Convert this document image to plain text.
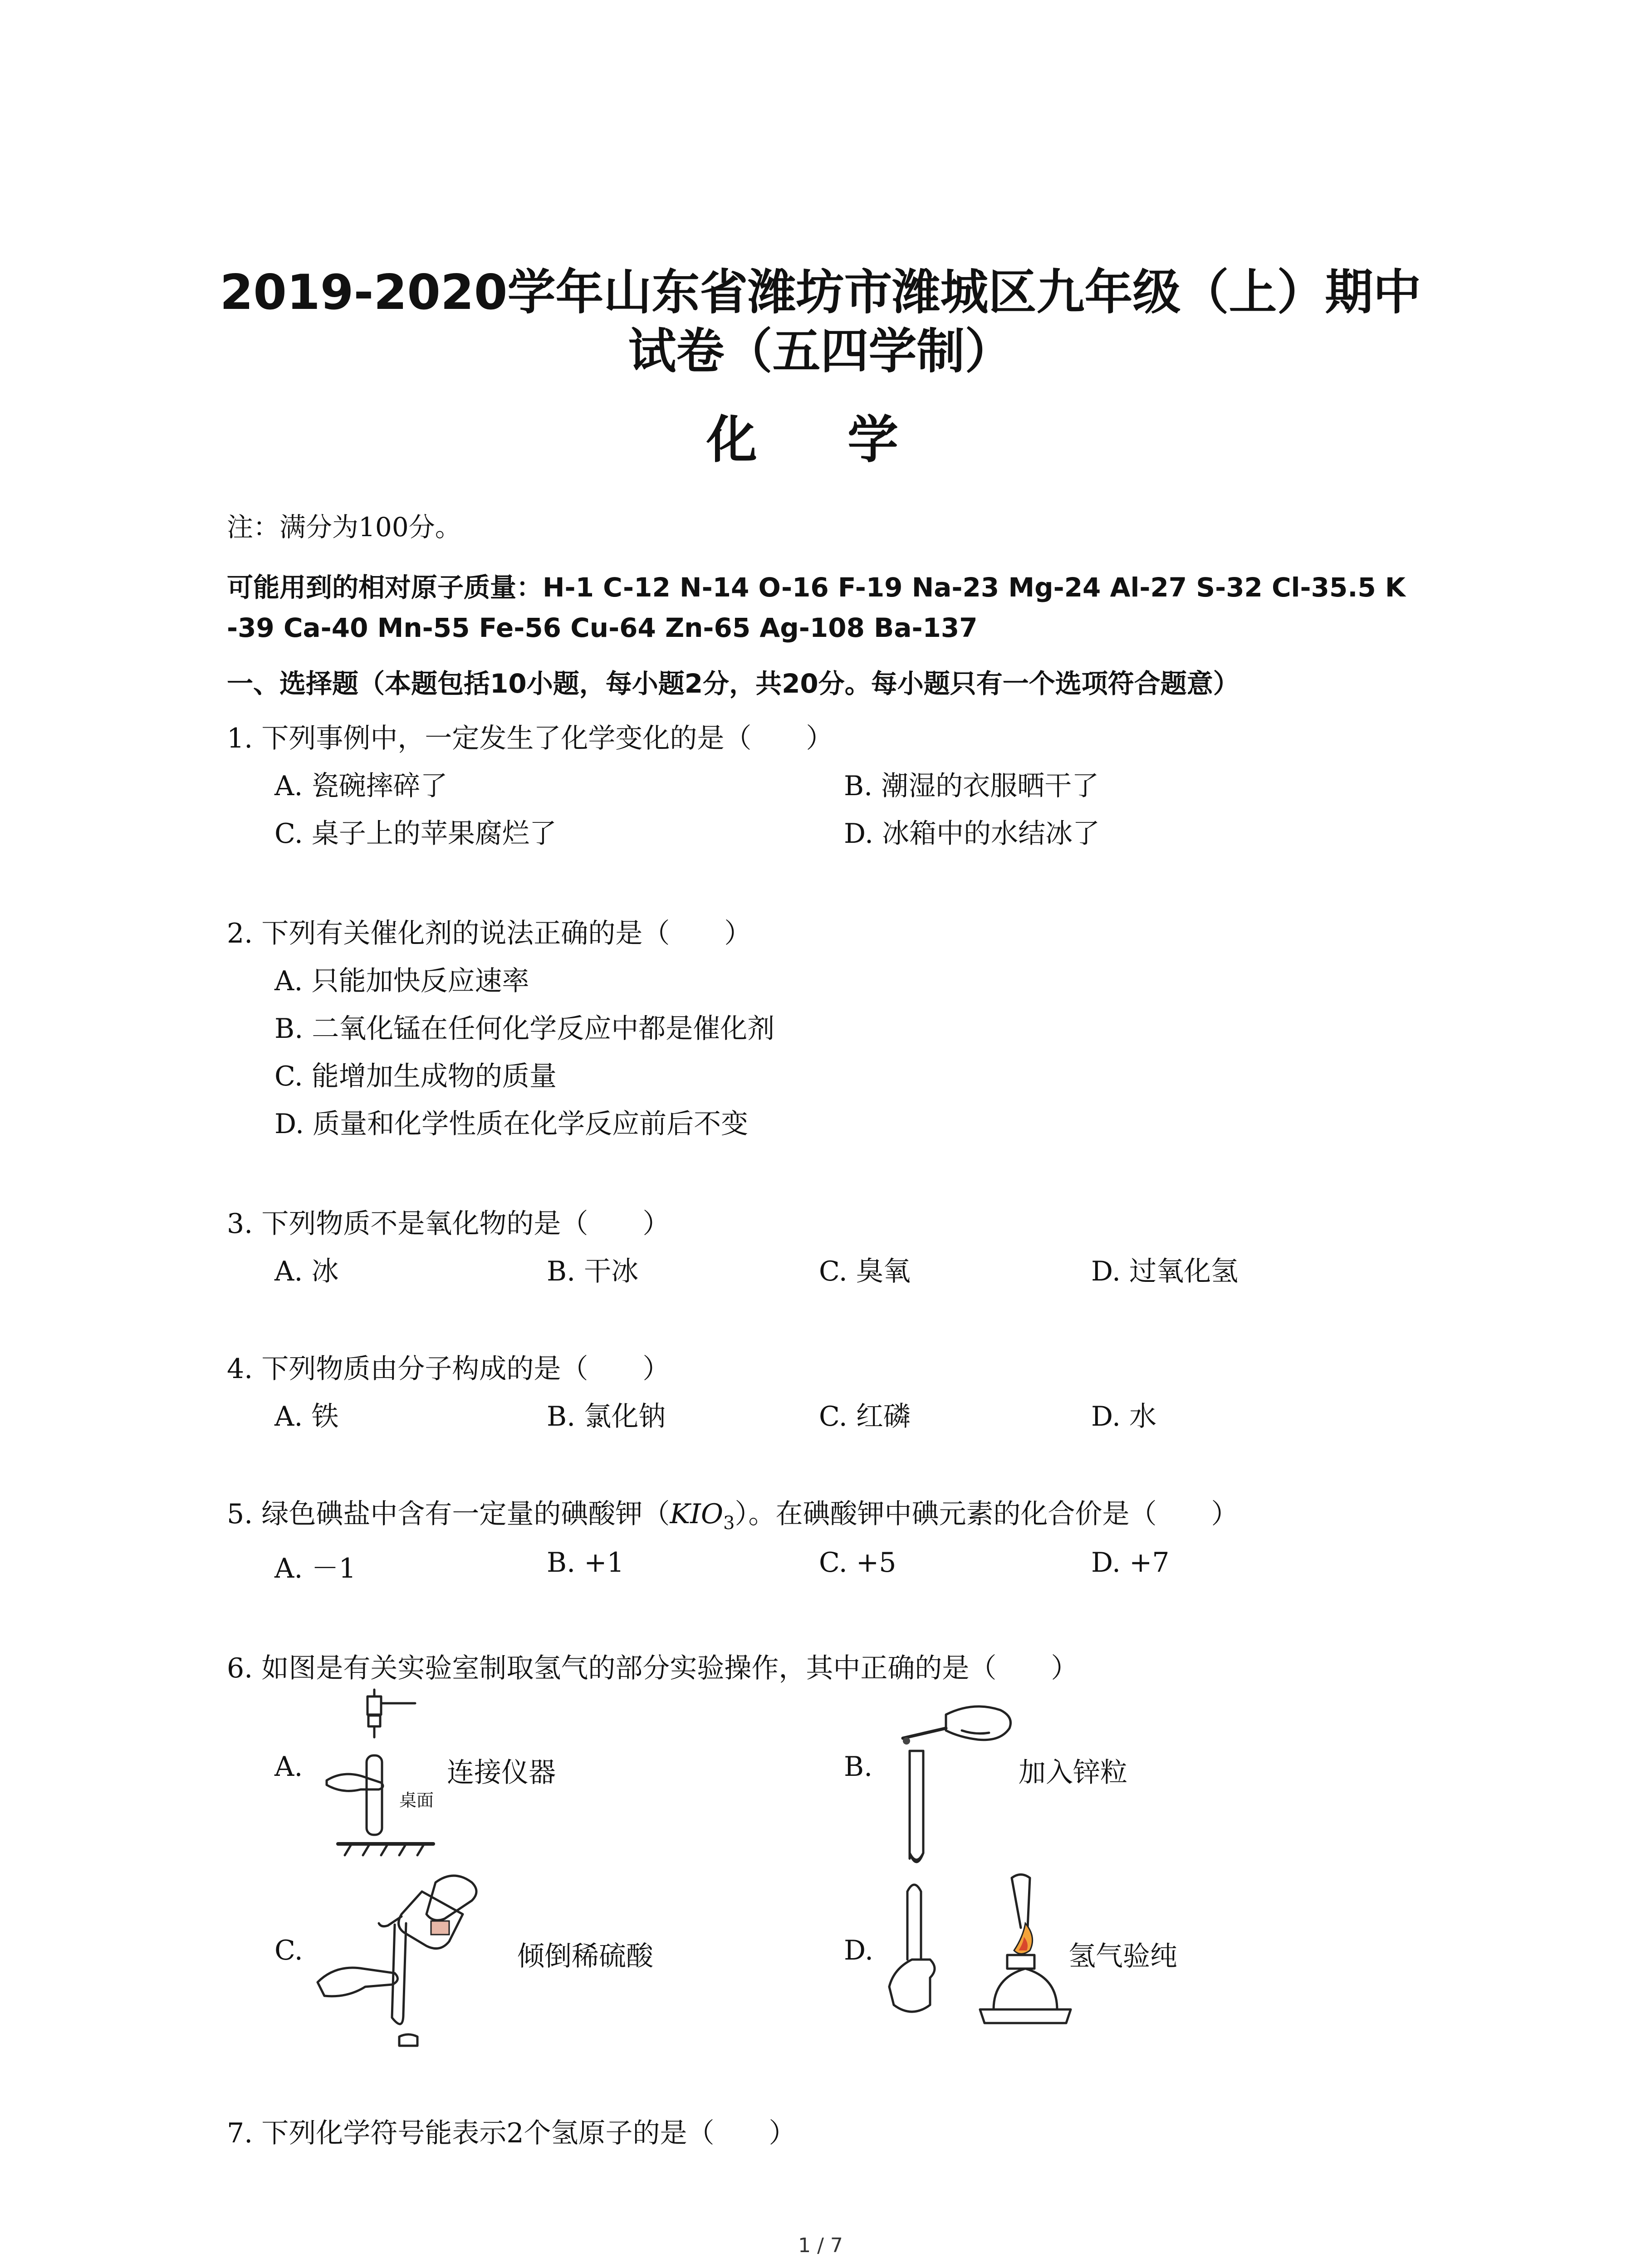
2019-2020学年山东省潍坊市潍城区九年级（上）期中
试卷（五四学制）
化 学
注：满分为100分。
可能用到的相对原子质量：H-1 C-12 N-14 O-16 F-19 Na-23 Mg-24 Al-27 S-32 Cl-35.5 K
-39 Ca-40 Mn-55 Fe-56 Cu-64 Zn-65 Ag-108 Ba-137
一、选择题（本题包括10小题，每小题2分，共20分。每小题只有一个选项符合题意）
1. 下列事例中，一定发生了化学变化的是（　　）
A. 瓷碗摔碎了	B. 潮湿的衣服晒干了
C. 桌子上的苹果腐烂了	D. 冰箱中的水结冰了
2. 下列有关催化剂的说法正确的是（　　）
A. 只能加快反应速率
B. 二氧化锰在任何化学反应中都是催化剂
C. 能增加生成物的质量
D. 质量和化学性质在化学反应前后不变
3. 下列物质不是氧化物的是（　　）
A. 冰	B. 干冰	C. 臭氧	D. 过氧化氢
4. 下列物质由分子构成的是（　　）
A. 铁	B. 氯化钠	C. 红磷	D. 水
5. 绿色碘盐中含有一定量的碘酸钾$(KIO_3)$。在碘酸钾中碘元素的化合价是（　　）
A. －1	B. +1	C. +5	D. +7
6. 如图是有关实验室制取氢气的部分实验操作，其中正确的是（　　）
A.
桌面
连接仪器	B.	加入锌粒
C.	倾倒稀硫酸	D.	氢气验纯
7. 下列化学符号能表示2个氢原子的是（　　）
1 / 7
